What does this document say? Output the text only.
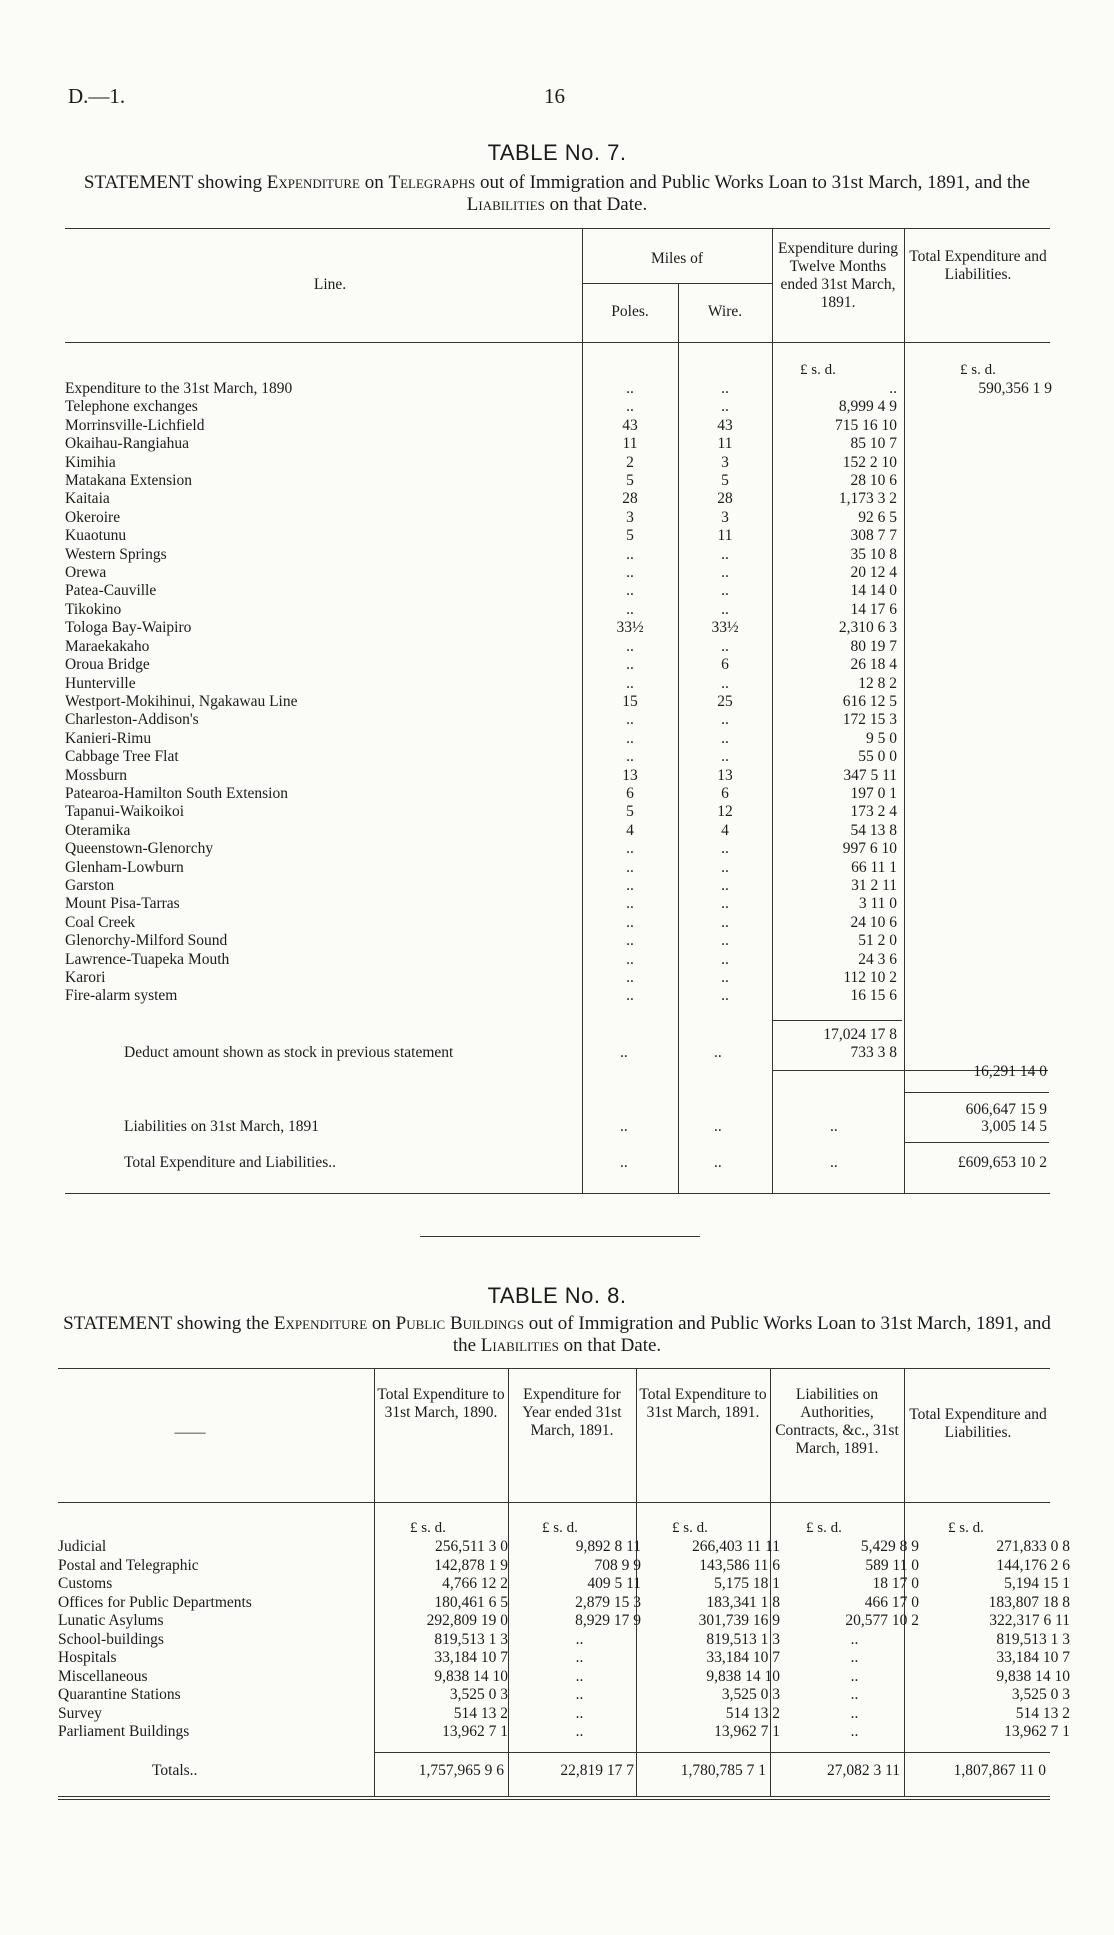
D.—1.	16
TABLE No. 7.
STATEMENT showing Expenditure on Telegraphs out of Immigration and Public Works Loan to 31st March, 1891, and the Liabilities on that Date.
Line.
Miles of
Poles.	Wire.
Expenditure during Twelve Months ended 31st March, 1891.
Total Expenditure and Liabilities.
£ s. d.	£ s. d.
Expenditure to the 31st March, 1890	..	..	..	590,356 1 9
Telephone exchanges	..	..	8,999 4 9	
Morrinsville-Lichfield	43	43	715 16 10	
Okaihau-Rangiahua	11	11	85 10 7	
Kimihia	2	3	152 2 10	
Matakana Extension	5	5	28 10 6	
Kaitaia	28	28	1,173 3 2	
Okeroire	3	3	92 6 5	
Kuaotunu	5	11	308 7 7	
Western Springs	..	..	35 10 8	
Orewa	..	..	20 12 4	
Patea-Cauville	..	..	14 14 0	
Tikokino	..	..	14 17 6	
Tologa Bay-Waipiro	33½	33½	2,310 6 3	
Maraekakaho	..	..	80 19 7	
Oroua Bridge	..	6	26 18 4	
Hunterville	..	..	12 8 2	
Westport-Mokihinui, Ngakawau Line	15	25	616 12 5	
Charleston-Addison's	..	..	172 15 3	
Kanieri-Rimu	..	..	9 5 0	
Cabbage Tree Flat	..	..	55 0 0	
Mossburn	13	13	347 5 11	
Patearoa-Hamilton South Extension	6	6	197 0 1	
Tapanui-Waikoikoi	5	12	173 2 4	
Oteramika	4	4	54 13 8	
Queenstown-Glenorchy	..	..	997 6 10	
Glenham-Lowburn	..	..	66 11 1	
Garston	..	..	31 2 11	
Mount Pisa-Tarras	..	..	3 11 0	
Coal Creek	..	..	24 10 6	
Glenorchy-Milford Sound	..	..	51 2 0	
Lawrence-Tuapeka Mouth	..	..	24 3 6	
Karori	..	..	112 10 2	
Fire-alarm system	..	..	16 15 6	
17,024 17 8
Deduct amount shown as stock in previous statement	..	..	733 3 8
16,291 14 0
606,647 15 9
Liabilities on 31st March, 1891	..	..	..	3,005 14 5
Total Expenditure and Liabilities..	..	..	..	£609,653 10 2
TABLE No. 8.
STATEMENT showing the Expenditure on Public Buildings out of Immigration and Public Works Loan to 31st March, 1891, and the Liabilities on that Date.
——
Total Expenditure to 31st March, 1890.
Expenditure for Year ended 31st March, 1891.
Total Expenditure to 31st March, 1891.
Liabilities on Authorities, Contracts, &c., 31st March, 1891.
Total Expenditure and Liabilities.
£ s. d.	£ s. d.	£ s. d.	£ s. d.	£ s. d.
Judicial	256,511 3 0	9,892 8 11	266,403 11 11	5,429 8 9	271,833 0 8
Postal and Telegraphic	142,878 1 9	708 9 9	143,586 11 6	589 11 0	144,176 2 6
Customs	4,766 12 2	409 5 11	5,175 18 1	18 17 0	5,194 15 1
Offices for Public Departments	180,461 6 5	2,879 15 3	183,341 1 8	466 17 0	183,807 18 8
Lunatic Asylums	292,809 19 0	8,929 17 9	301,739 16 9	20,577 10 2	322,317 6 11
School-buildings	819,513 1 3	..	819,513 1 3	..	819,513 1 3
Hospitals	33,184 10 7	..	33,184 10 7	..	33,184 10 7
Miscellaneous	9,838 14 10	..	9,838 14 10	..	9,838 14 10
Quarantine Stations	3,525 0 3	..	3,525 0 3	..	3,525 0 3
Survey	514 13 2	..	514 13 2	..	514 13 2
Parliament Buildings	13,962 7 1	..	13,962 7 1	..	13,962 7 1
Totals..	1,757,965 9 6	22,819 17 7	1,780,785 7 1	27,082 3 11	1,807,867 11 0
